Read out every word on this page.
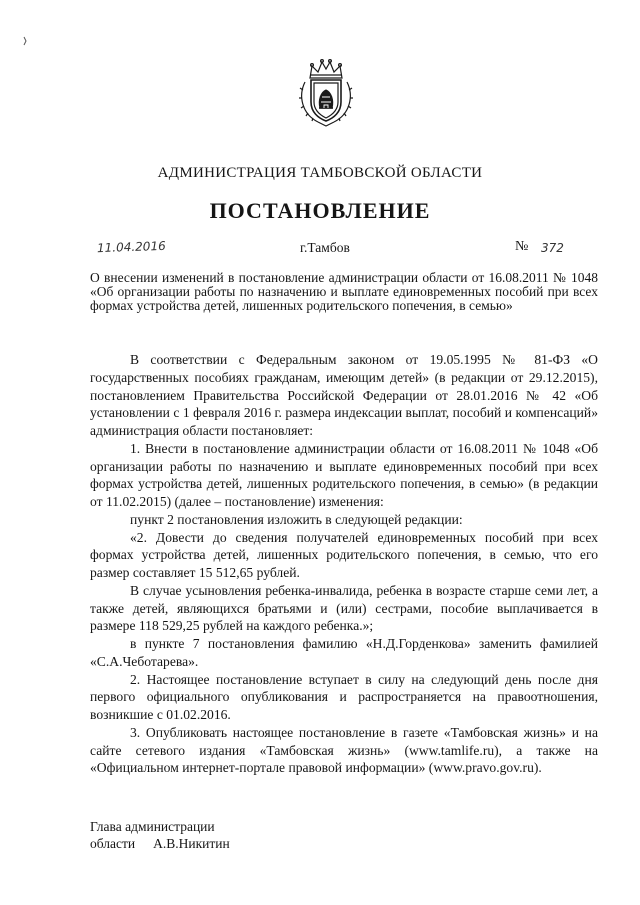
АДМИНИСТРАЦИЯ ТАМБОВСКОЙ ОБЛАСТИ
ПОСТАНОВЛЕНИЕ
11.04.2016	г.Тамбов	№ 372
О внесении изменений в постановление администрации области от 16.08.2011 № 1048 «Об организации работы по назначению и выплате единовременных пособий при всех формах устройства детей, лишенных родительского попечения, в семью»

В соответствии с Федеральным законом от 19.05.1995 № 81-ФЗ «О государственных пособиях гражданам, имеющим детей» (в редакции от 29.12.2015), постановлением Правительства Российской Федерации от 28.01.2016 № 42 «Об установлении с 1 февраля 2016 г. размера индексации выплат, пособий и компенсаций» администрация области постановляет:

1. Внести в постановление администрации области от 16.08.2011 № 1048 «Об организации работы по назначению и выплате единовременных пособий при всех формах устройства детей, лишенных родительского попечения, в семью» (в редакции от 11.02.2015) (далее – постановление) изменения:

пункт 2 постановления изложить в следующей редакции:

«2. Довести до сведения получателей единовременных пособий при всех формах устройства детей, лишенных родительского попечения, в семью, что его размер составляет 15 512,65 рублей.

В случае усыновления ребенка-инвалида, ребенка в возрасте старше семи лет, а также детей, являющихся братьями и (или) сестрами, пособие выплачивается в размере 118 529,25 рублей на каждого ребенка.»;

в пункте 7 постановления фамилию «Н.Д.Горденкова» заменить фамилией «С.А.Чеботарева».

2. Настоящее постановление вступает в силу на следующий день после дня первого официального опубликования и распространяется на правоотношения, возникшие с 01.02.2016.

3. Опубликовать настоящее постановление в газете «Тамбовская жизнь» и на сайте сетевого издания «Тамбовская жизнь» (www.tamlife.ru), а также на «Официальном интернет-портале правовой информации» (www.pravo.gov.ru).

Глава администрации
области А.В.Никитин
